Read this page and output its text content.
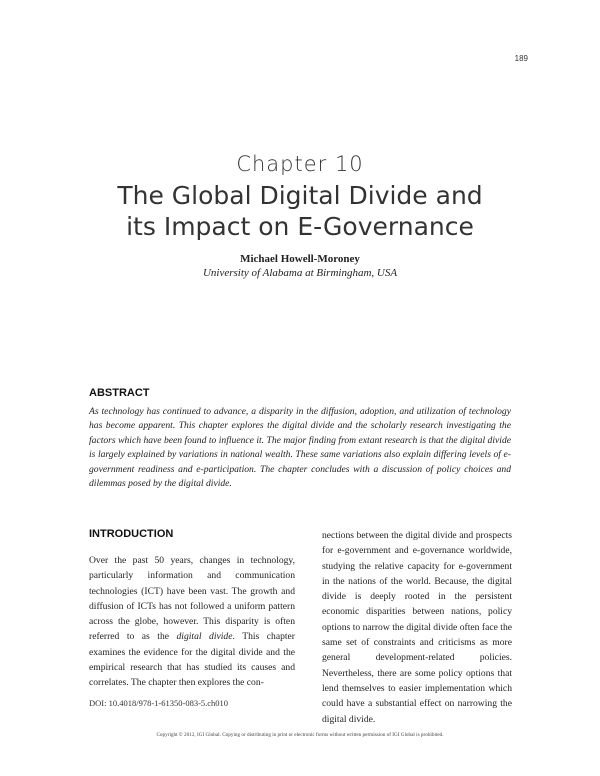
189
Chapter 10
The Global Digital Divide and
its Impact on E-Governance
Michael Howell-Moroney
University of Alabama at Birmingham, USA
ABSTRACT

As technology has continued to advance, a disparity in the diffusion, adoption, and utilization of technology has become apparent. This chapter explores the digital divide and the scholarly research investigating the factors which have been found to influence it. The major finding from extant research is that the digital divide is largely explained by variations in national wealth. These same variations also explain differing levels of e-government readiness and e-participation. The chapter concludes with a discussion of policy choices and dilemmas posed by the digital divide.

INTRODUCTION

Over the past 50 years, changes in technology, particularly information and communication technologies (ICT) have been vast. The growth and diffusion of ICTs has not followed a uniform pattern across the globe, however. This disparity is often referred to as the digital divide. This chapter examines the evidence for the digital divide and the empirical research that has studied its causes and correlates. The chapter then explores the con-

nections between the digital divide and prospects for e-government and e-governance worldwide, studying the relative capacity for e-government in the nations of the world. Because, the digital divide is deeply rooted in the persistent economic disparities between nations, policy options to narrow the digital divide often face the same set of constraints and criticisms as more general development-related policies. Nevertheless, there are some policy options that lend themselves to easier implementation which could have a substantial effect on narrowing the digital divide.

DOI: 10.4018/978-1-61350-083-5.ch010
Copyright © 2012, IGI Global. Copying or distributing in print or electronic forms without written permission of IGI Global is prohibited.
